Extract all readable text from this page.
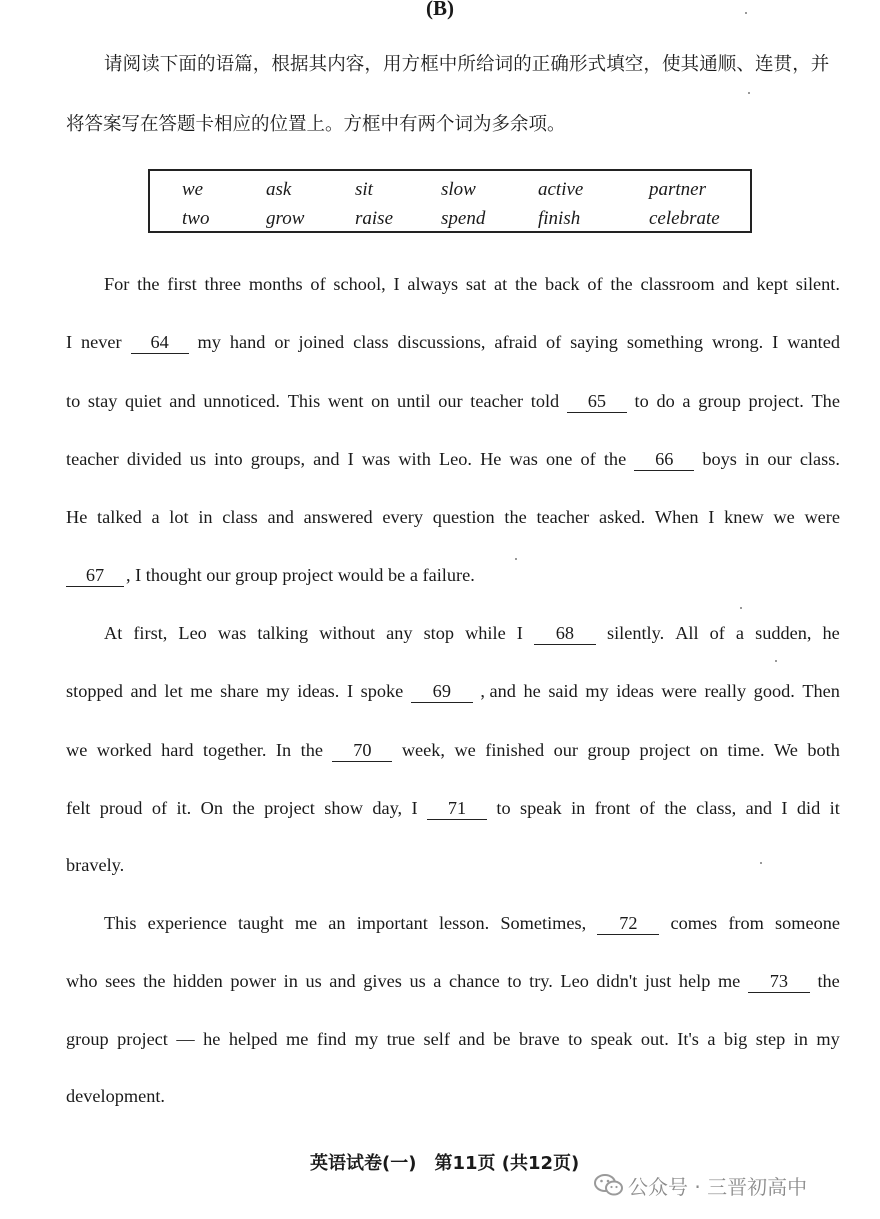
(B)
请阅读下面的语篇，根据其内容，用方框中所给词的正确形式填空，使其通顺、连贯，并
将答案写在答题卡相应的位置上。方框中有两个词为多余项。
we	ask	sit	slow	active	partner
two	grow	raise	spend	finish	celebrate
For the first three months of school, I always sat at the back of the classroom and kept silent.
I never	64	my hand or joined class discussions, afraid of saying something wrong. I wanted
to stay quiet and unnoticed. This went on until our teacher told	65	to do a group project. The
teacher divided us into groups, and I was with Leo. He was one of the	66	boys in our class.
He talked a lot in class and answered every question the teacher asked. When I knew we were
67	, I thought our group project would be a failure.
At first, Leo was talking without any stop while I	68	silently. All of a sudden, he
stopped and let me share my ideas. I spoke	69	, and he said my ideas were really good. Then
we worked hard together. In the	70	week, we finished our group project on time. We both
felt proud of it. On the project show day, I	71	to speak in front of the class, and I did it
bravely.
This experience taught me an important lesson. Sometimes,	72	comes from someone
who sees the hidden power in us and gives us a chance to try. Leo didn't just help me	73	the
group project — he helped me find my true self and be brave to speak out. It's a big step in my
development.
英语试卷(一)　第11页 (共12页)
公众号 · 三晋初高中
